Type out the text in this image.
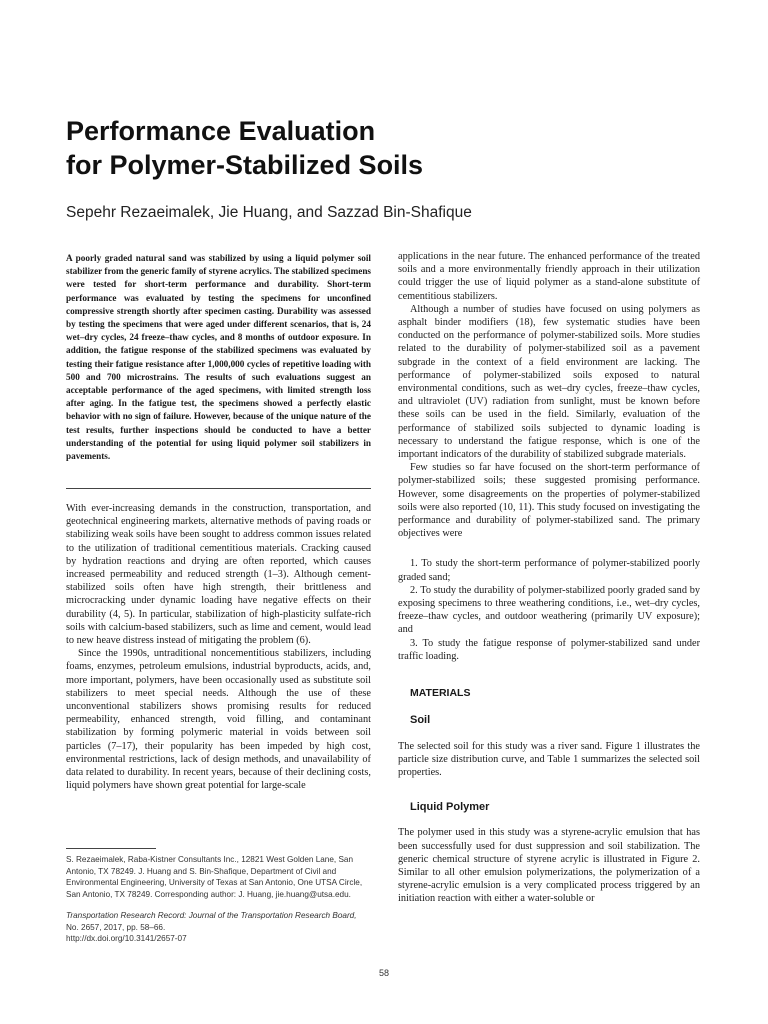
Performance Evaluation
for Polymer-Stabilized Soils
Sepehr Rezaeimalek, Jie Huang, and Sazzad Bin-Shafique

A poorly graded natural sand was stabilized by using a liquid polymer soil stabilizer from the generic family of styrene acrylics. The stabilized specimens were tested for short-term performance and durability. Short-term performance was evaluated by testing the specimens for unconfined compressive strength shortly after specimen casting. Durability was assessed by testing the specimens that were aged under different scenarios, that is, 24 wet–dry cycles, 24 freeze–thaw cycles, and 8 months of outdoor exposure. In addition, the fatigue response of the stabilized specimens was evaluated by testing their fatigue resistance after 1,000,000 cycles of repetitive loading with 500 and 700 microstrains. The results of such evaluations suggest an acceptable performance of the aged specimens, with limited strength loss after aging. In the fatigue test, the specimens showed a perfectly elastic behavior with no sign of failure. However, because of the unique nature of the test results, further inspections should be conducted to have a better understanding of the potential for using liquid polymer soil stabilizers in pavements.

With ever-increasing demands in the construction, transportation, and geotechnical engineering markets, alternative methods of paving roads or stabilizing weak soils have been sought to address common issues related to the utilization of traditional cementitious materials. Cracking caused by hydration reactions and drying are often reported, which causes increased permeability and reduced strength (1–3). Although cement-stabilized soils often have high strength, their brittleness and microcracking under dynamic loading have negative effects on their durability (4, 5). In particular, stabilization of high-plasticity sulfate-rich soils with calcium-based stabilizers, such as lime and cement, would lead to new heave distress instead of mitigating the problem (6).

Since the 1990s, untraditional noncementitious stabilizers, including foams, enzymes, petroleum emulsions, industrial byproducts, acids, and, more important, polymers, have been occasionally used as substitute soil stabilizers to meet special needs. Although the use of these unconventional stabilizers shows promising results for reduced permeability, enhanced strength, void filling, and contaminant stabilization by forming polymeric material in voids between soil particles (7–17), their popularity has been impeded by high cost, environmental restrictions, lack of design methods, and unavailability of data related to durability. In recent years, because of their declining costs, liquid polymers have shown great potential for large-scale

S. Rezaeimalek, Raba-Kistner Consultants Inc., 12821 West Golden Lane, San Antonio, TX 78249. J. Huang and S. Bin-Shafique, Department of Civil and Environmental Engineering, University of Texas at San Antonio, One UTSA Circle, San Antonio, TX 78249. Corresponding author: J. Huang, jie.huang@utsa.edu.
Transportation Research Record: Journal of the Transportation Research Board,
No. 2657, 2017, pp. 58–66.
http://dx.doi.org/10.3141/2657-07

applications in the near future. The enhanced performance of the treated soils and a more environmentally friendly approach in their utilization could trigger the use of liquid polymer as a stand-alone substitute of cementitious stabilizers.

Although a number of studies have focused on using polymers as asphalt binder modifiers (18), few systematic studies have been conducted on the performance of polymer-stabilized soils. More studies related to the durability of polymer-stabilized soil as a pavement subgrade in the context of a field environment are lacking. The performance of polymer-stabilized soils exposed to natural environmental conditions, such as wet–dry cycles, freeze–thaw cycles, and ultraviolet (UV) radiation from sunlight, must be known before these soils can be used in the field. Similarly, evaluation of the performance of stabilized soils subjected to dynamic loading is necessary to understand the fatigue response, which is one of the important indicators of the durability of stabilized subgrade materials.

Few studies so far have focused on the short-term performance of polymer-stabilized soils; these suggested promising performance. However, some disagreements on the properties of polymer-stabilized soils were also reported (10, 11). This study focused on investigating the performance and durability of polymer-stabilized sand. The primary objectives were

1. To study the short-term performance of polymer-stabilized poorly graded sand;
2. To study the durability of polymer-stabilized poorly graded sand by exposing specimens to three weathering conditions, i.e., wet–dry cycles, freeze–thaw cycles, and outdoor weathering (primarily UV exposure); and
3. To study the fatigue response of polymer-stabilized sand under traffic loading.

MATERIALS

Soil

The selected soil for this study was a river sand. Figure 1 illustrates the particle size distribution curve, and Table 1 summarizes the selected soil properties.

Liquid Polymer

The polymer used in this study was a styrene-acrylic emulsion that has been successfully used for dust suppression and soil stabilization. The generic chemical structure of styrene acrylic is illustrated in Figure 2. Similar to all other emulsion polymerizations, the polymerization of a styrene-acrylic emulsion is a very complicated process triggered by an initiation reaction with either a water-soluble or

58
